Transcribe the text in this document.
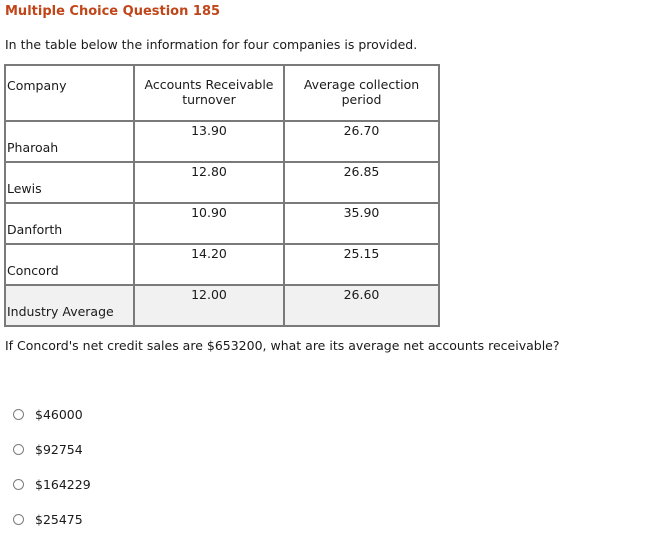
Multiple Choice Question 185
In the table below the information for four companies is provided.
Company	Accounts Receivable turnover	Average collection period
Pharoah	13.90	26.70
Lewis	12.80	26.85
Danforth	10.90	35.90
Concord	14.20	25.15
Industry Average	12.00	26.60
If Concord's net credit sales are $653200, what are its average net accounts receivable?
$46000
$92754
$164229
$25475
